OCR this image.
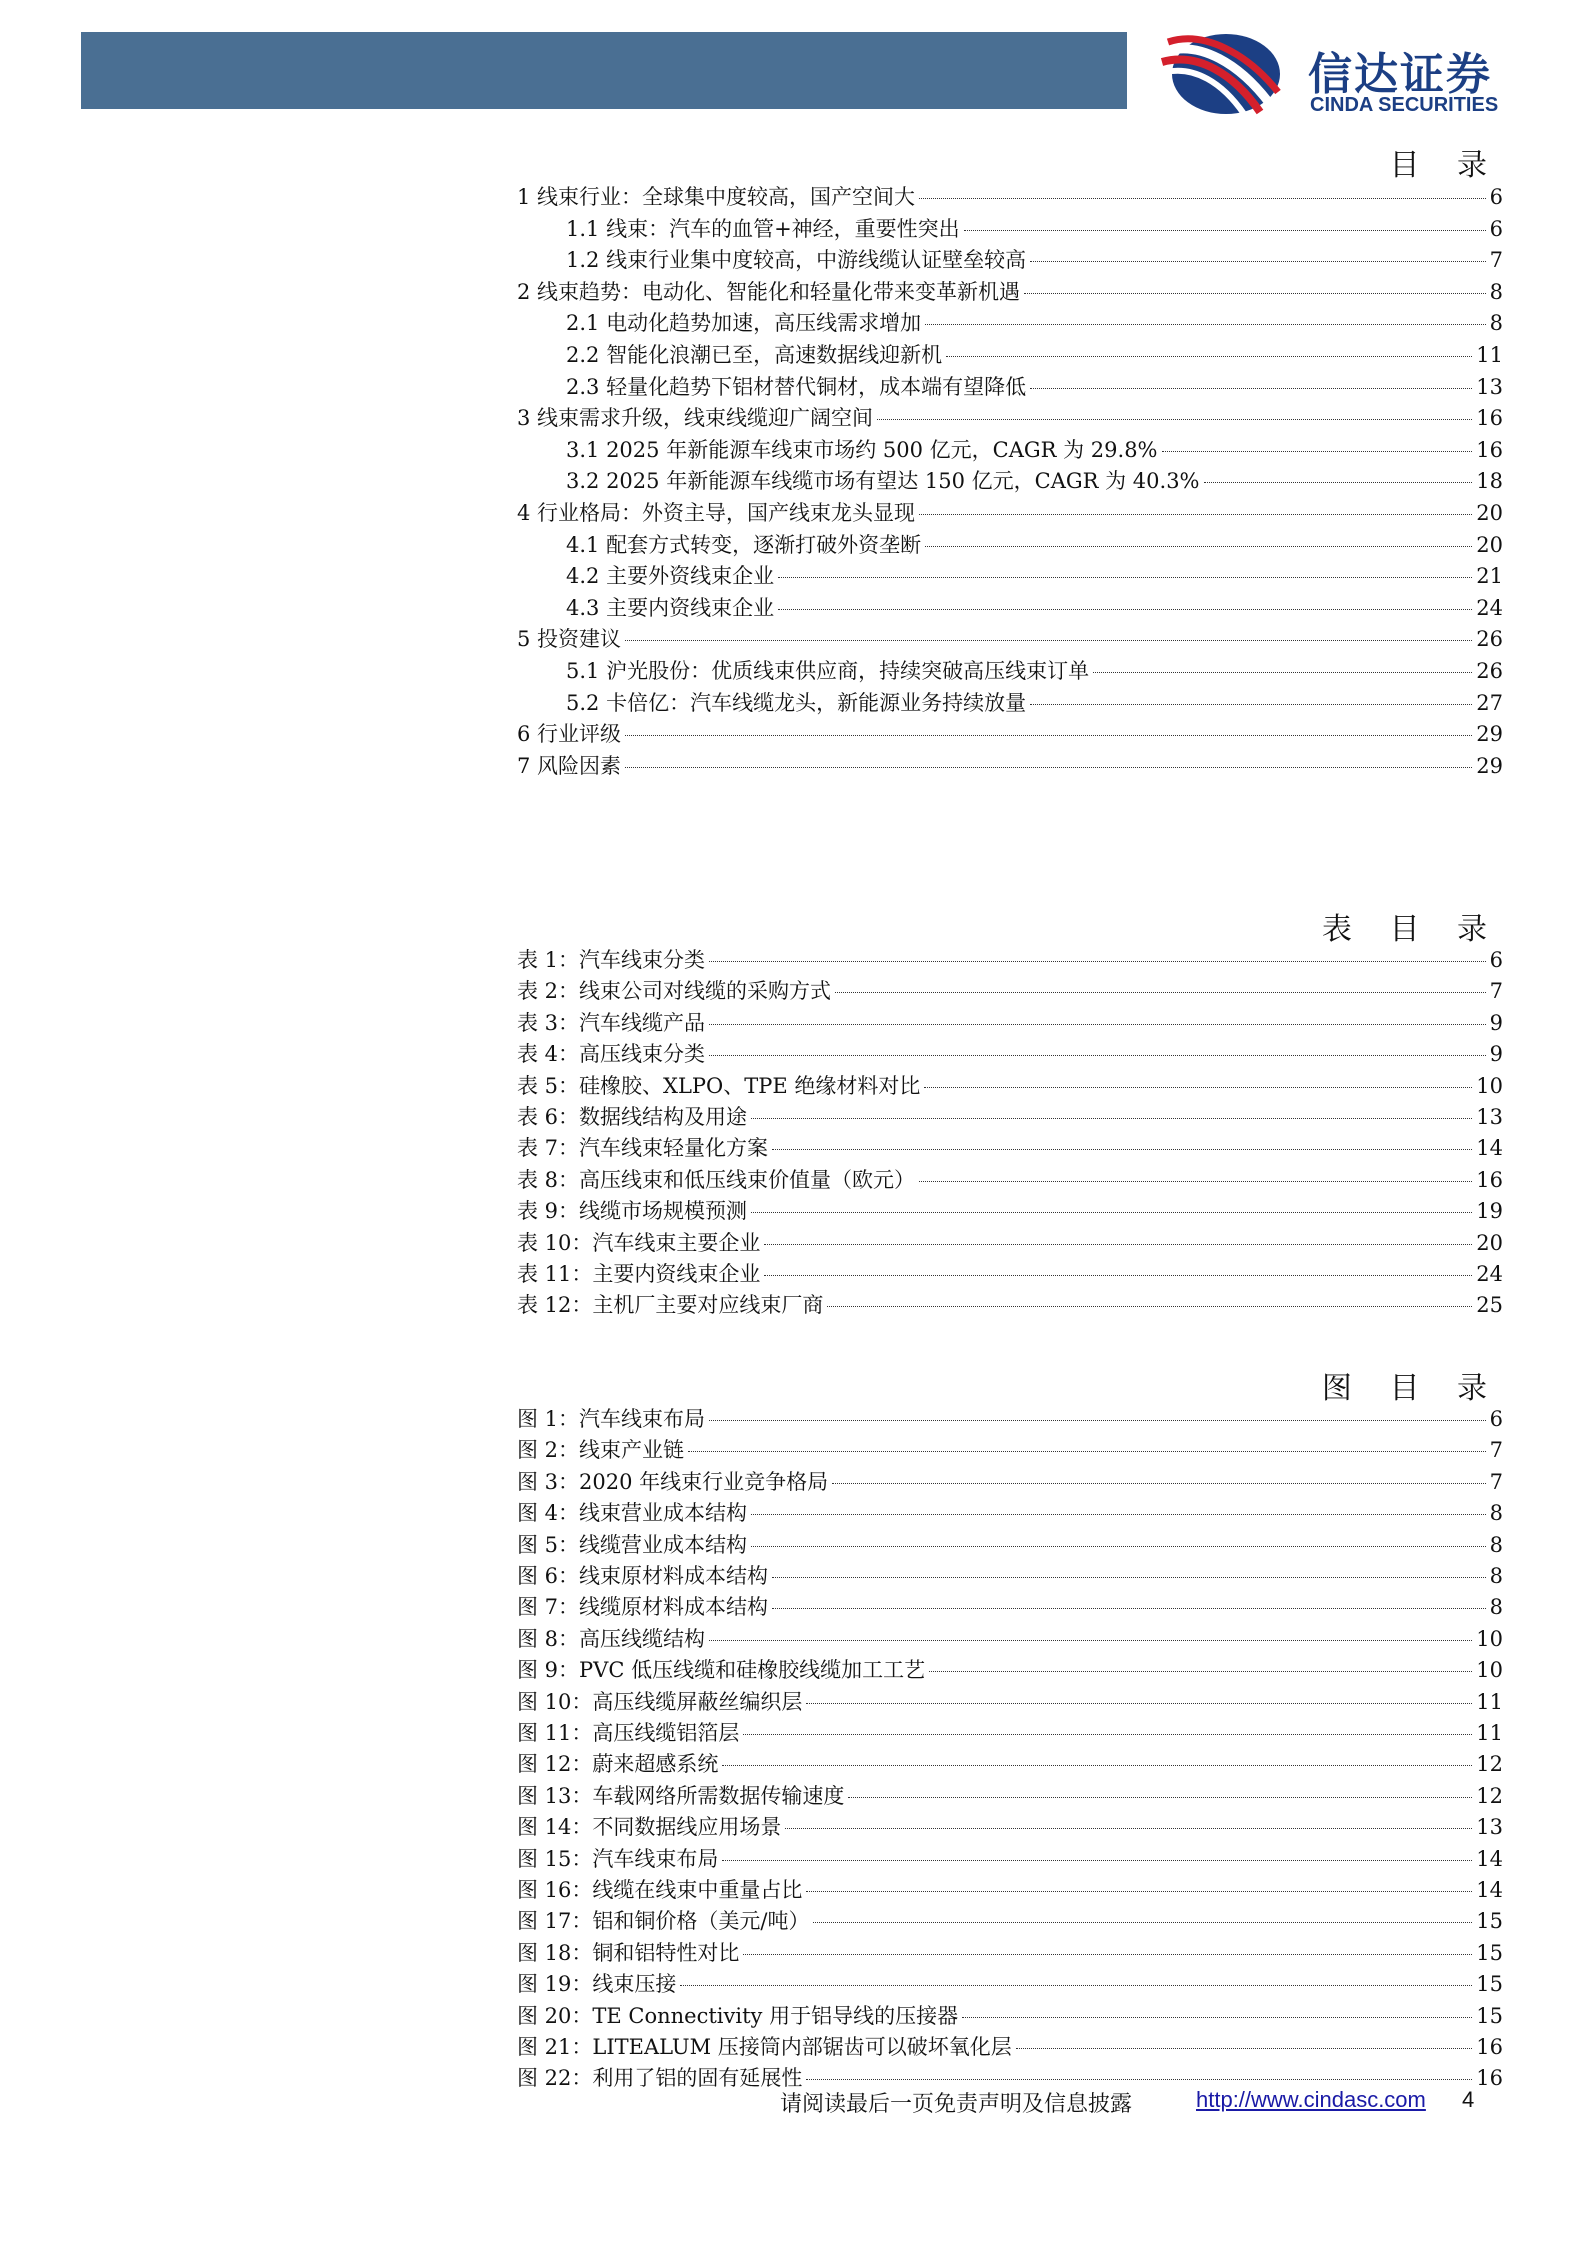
信达证券
CINDA SECURITIES
目 录
1 线束行业：全球集中度较高，国产空间大	6
1.1 线束：汽车的血管+神经，重要性突出	6
1.2 线束行业集中度较高，中游线缆认证壁垒较高	7
2 线束趋势：电动化、智能化和轻量化带来变革新机遇	8
2.1 电动化趋势加速，高压线需求增加	8
2.2 智能化浪潮已至，高速数据线迎新机	11
2.3 轻量化趋势下铝材替代铜材，成本端有望降低	13
3 线束需求升级，线束线缆迎广阔空间	16
3.1 2025 年新能源车线束市场约 500 亿元，CAGR 为 29.8%	16
3.2 2025 年新能源车线缆市场有望达 150 亿元，CAGR 为 40.3%	18
4 行业格局：外资主导，国产线束龙头显现	20
4.1 配套方式转变，逐渐打破外资垄断	20
4.2 主要外资线束企业	21
4.3 主要内资线束企业	24
5 投资建议	26
5.1 沪光股份：优质线束供应商，持续突破高压线束订单	26
5.2 卡倍亿：汽车线缆龙头，新能源业务持续放量	27
6 行业评级	29
7 风险因素	29
表 目 录
表 1：汽车线束分类	6
表 2：线束公司对线缆的采购方式	7
表 3：汽车线缆产品	9
表 4：高压线束分类	9
表 5：硅橡胶、XLPO、TPE 绝缘材料对比	10
表 6：数据线结构及用途	13
表 7：汽车线束轻量化方案	14
表 8：高压线束和低压线束价值量（欧元）	16
表 9：线缆市场规模预测	19
表 10：汽车线束主要企业	20
表 11：主要内资线束企业	24
表 12：主机厂主要对应线束厂商	25
图 目 录
图 1：汽车线束布局	6
图 2：线束产业链	7
图 3：2020 年线束行业竞争格局	7
图 4：线束营业成本结构	8
图 5：线缆营业成本结构	8
图 6：线束原材料成本结构	8
图 7：线缆原材料成本结构	8
图 8：高压线缆结构	10
图 9：PVC 低压线缆和硅橡胶线缆加工工艺	10
图 10：高压线缆屏蔽丝编织层	11
图 11：高压线缆铝箔层	11
图 12：蔚来超感系统	12
图 13：车载网络所需数据传输速度	12
图 14：不同数据线应用场景	13
图 15：汽车线束布局	14
图 16：线缆在线束中重量占比	14
图 17：铝和铜价格（美元/吨）	15
图 18：铜和铝特性对比	15
图 19：线束压接	15
图 20：TE Connectivity 用于铝导线的压接器	15
图 21：LITEALUM 压接筒内部锯齿可以破坏氧化层	16
图 22：利用了铝的固有延展性	16
请阅读最后一页免责声明及信息披露	http://www.cindasc.com 4
